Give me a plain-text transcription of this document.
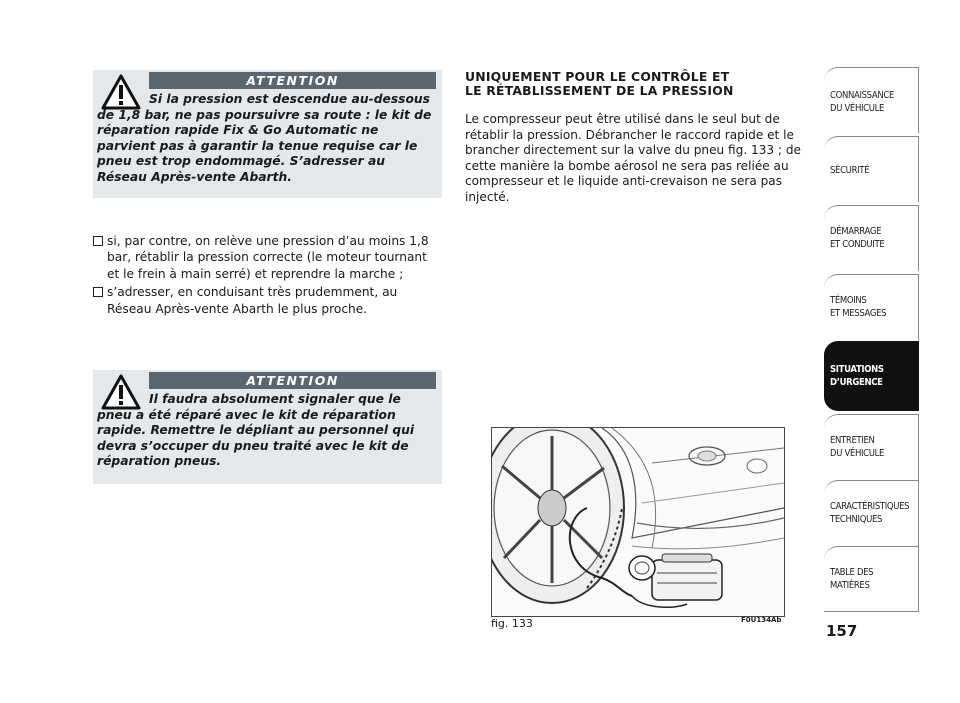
ATTENTION
Si la pression est descendue au-dessous de 1,8 bar, ne pas poursuivre sa route : le kit de réparation rapide Fix & Go Automatic ne parvient pas à garantir la tenue requise car le pneu est trop endommagé. S’adresser au Réseau Après-vente Abarth.
si, par contre, on relève une pression d’au moins 1,8 bar, rétablir la pression correcte (le moteur tournant et le frein à main serré) et reprendre la marche ;
s’adresser, en conduisant très prudemment, au Réseau Après-vente Abarth le plus proche.
ATTENTION
Il faudra absolument signaler que le pneu a été réparé avec le kit de réparation rapide. Remettre le dépliant au personnel qui devra s’occuper du pneu traité avec le kit de réparation pneus.
UNIQUEMENT POUR LE CONTRÔLE ET
LE RÉTABLISSEMENT DE LA PRESSION
Le compresseur peut être utilisé dans le seul but de rétablir la pression. Débrancher le raccord rapide et le brancher directement sur la valve du pneu fig. 133 ; de cette manière la bombe aérosol ne sera pas reliée au compresseur et le liquide anti-crevaison ne sera pas injecté.
fig. 133	F0U134Ab
CONNAISSANCE
DU VÉHICULE
SÉCURITÉ
DÉMARRAGE
ET CONDUITE
TÉMOINS
ET MESSAGES
SITUATIONS
D’URGENCE
ENTRETIEN
DU VÉHICULE
CARACTÉRISTIQUES
TECHNIQUES
TABLE DES
MATIÈRES
157
